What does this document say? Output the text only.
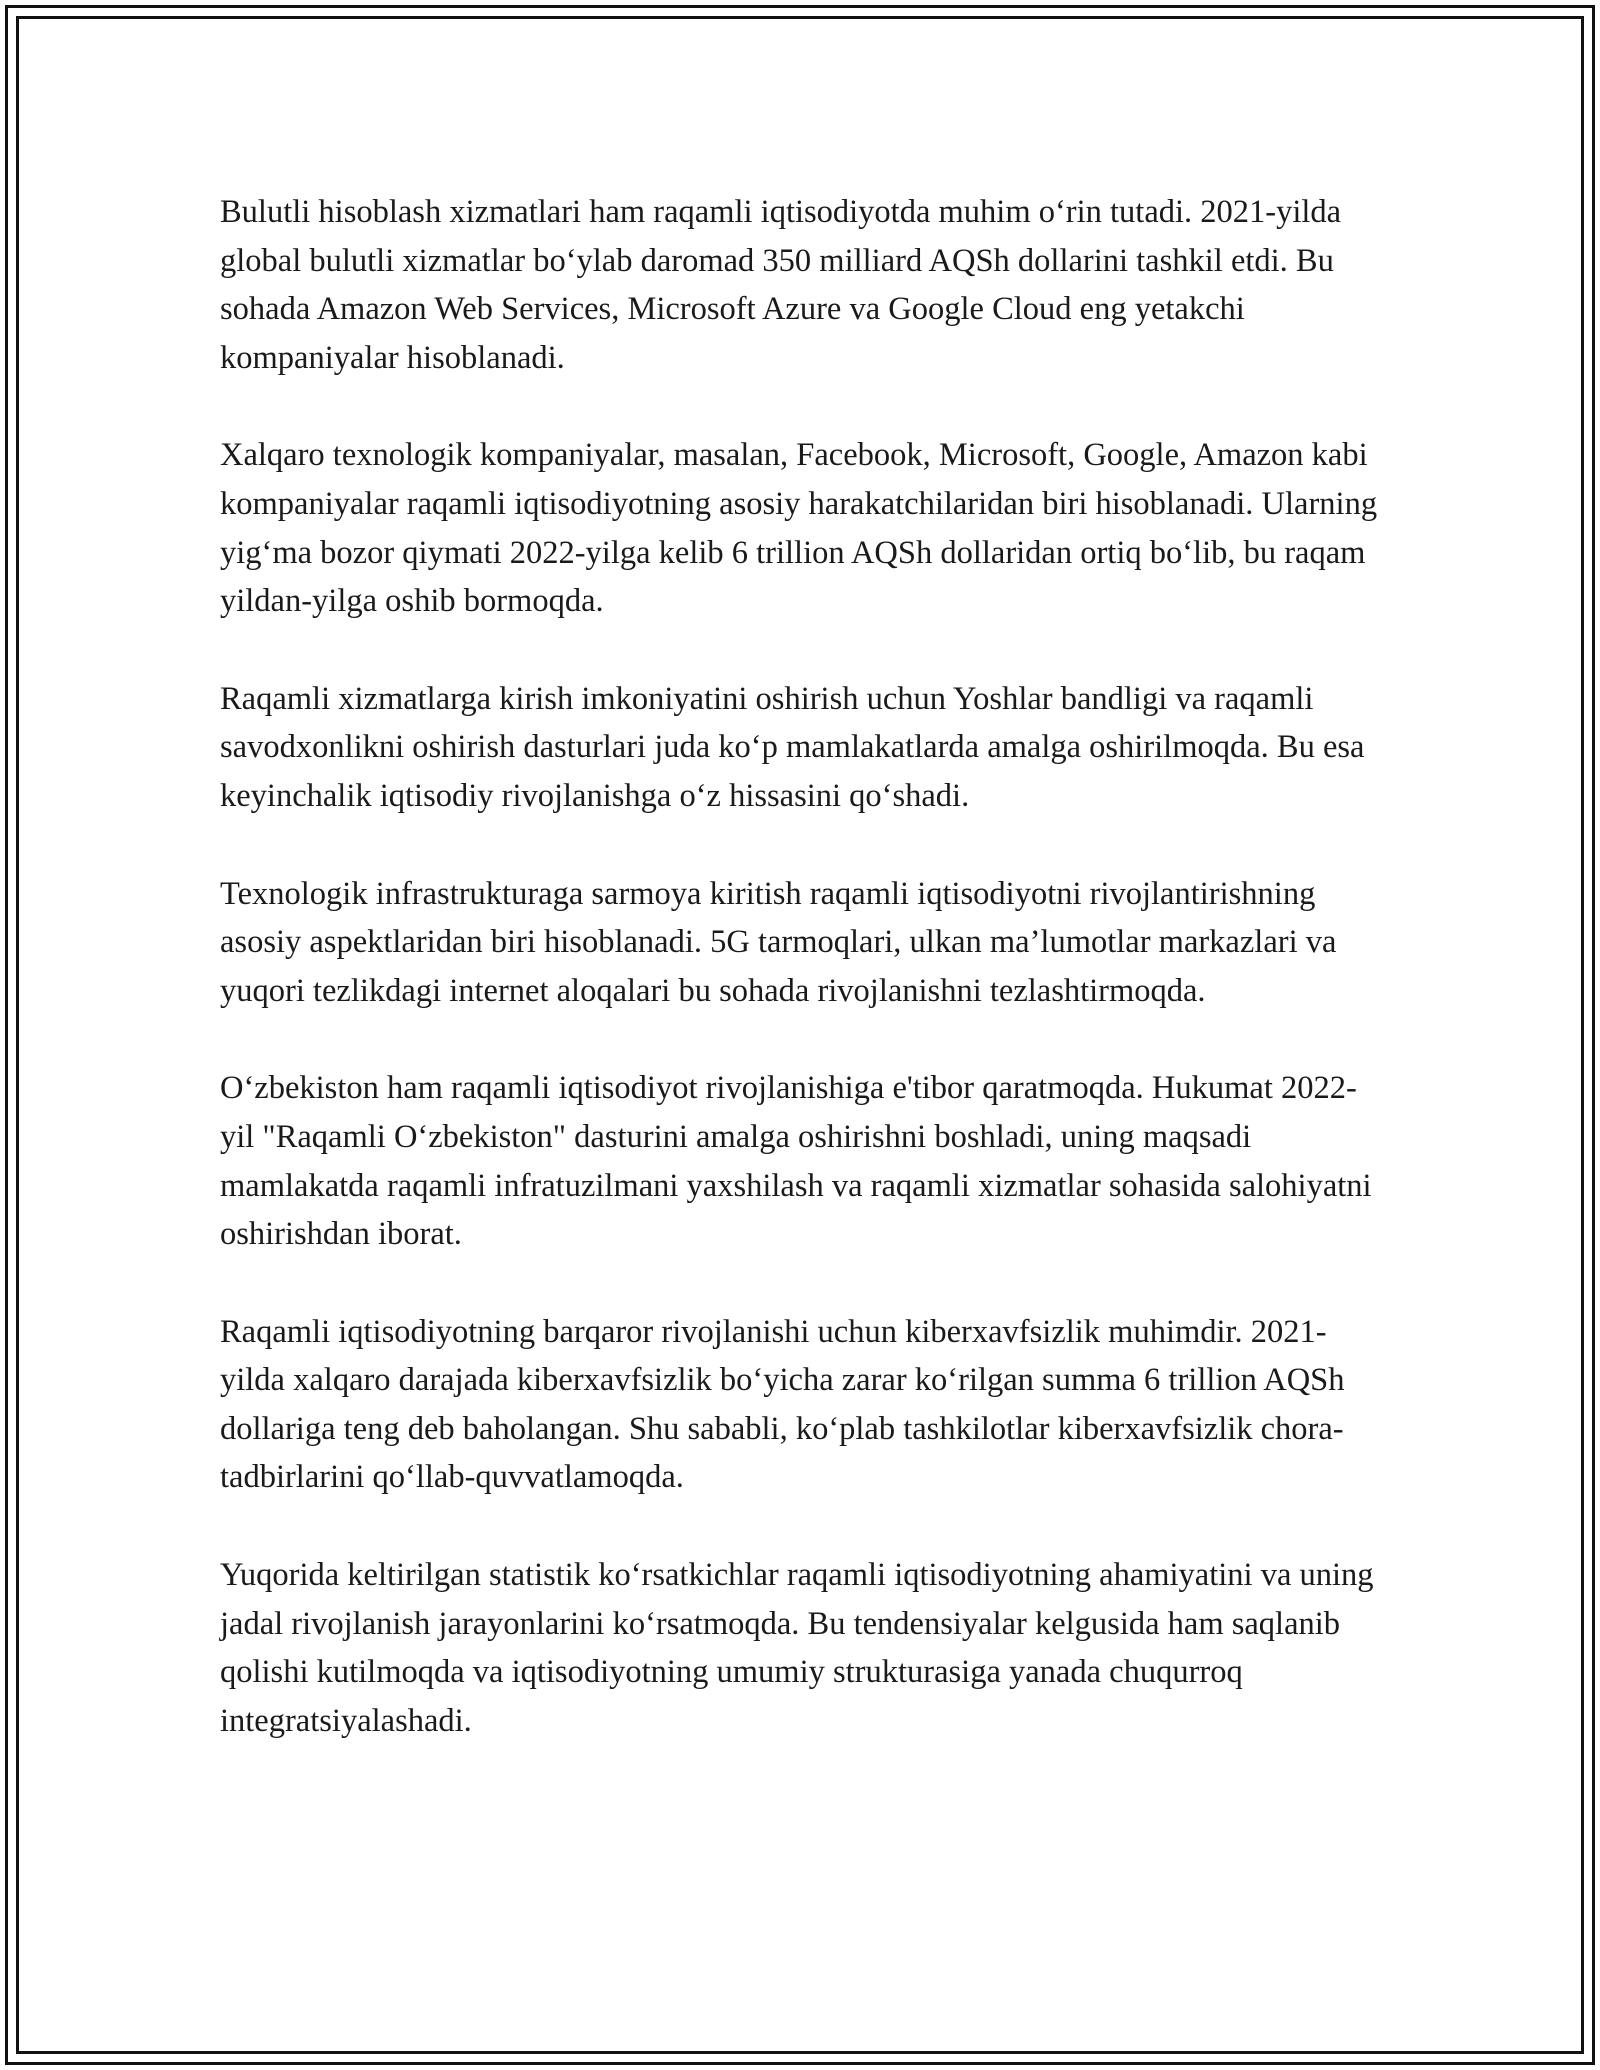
Bulutli hisoblash xizmatlari ham raqamli iqtisodiyotda muhim o‘rin tutadi. 2021-yilda global bulutli xizmatlar bo‘ylab daromad 350 milliard AQSh dollarini tashkil etdi. Bu sohada Amazon Web Services, Microsoft Azure va Google Cloud eng yetakchi kompaniyalar hisoblanadi.

Xalqaro texnologik kompaniyalar, masalan, Facebook, Microsoft, Google, Amazon kabi kompaniyalar raqamli iqtisodiyotning asosiy harakatchilaridan biri hisoblanadi. Ularning yig‘ma bozor qiymati 2022-yilga kelib 6 trillion AQSh dollaridan ortiq bo‘lib, bu raqam yildan-yilga oshib bormoqda.

Raqamli xizmatlarga kirish imkoniyatini oshirish uchun Yoshlar bandligi va raqamli savodxonlikni oshirish dasturlari juda ko‘p mamlakatlarda amalga oshirilmoqda. Bu esa keyinchalik iqtisodiy rivojlanishga o‘z hissasini qo‘shadi.

Texnologik infrastrukturaga sarmoya kiritish raqamli iqtisodiyotni rivojlantirishning asosiy aspektlaridan biri hisoblanadi. 5G tarmoqlari, ulkan ma’lumotlar markazlari va yuqori tezlikdagi internet aloqalari bu sohada rivojlanishni tezlashtirmoqda.

O‘zbekiston ham raqamli iqtisodiyot rivojlanishiga e'tibor qaratmoqda. Hukumat 2022-yil "Raqamli O‘zbekiston" dasturini amalga oshirishni boshladi, uning maqsadi mamlakatda raqamli infratuzilmani yaxshilash va raqamli xizmatlar sohasida salohiyatni oshirishdan iborat.

Raqamli iqtisodiyotning barqaror rivojlanishi uchun kiberxavfsizlik muhimdir. 2021-yilda xalqaro darajada kiberxavfsizlik bo‘yicha zarar ko‘rilgan summa 6 trillion AQSh dollariga teng deb baholangan. Shu sababli, ko‘plab tashkilotlar kiberxavfsizlik chora-tadbirlarini qo‘llab-quvvatlamoqda.

Yuqorida keltirilgan statistik ko‘rsatkichlar raqamli iqtisodiyotning ahamiyatini va uning jadal rivojlanish jarayonlarini ko‘rsatmoqda. Bu tendensiyalar kelgusida ham saqlanib qolishi kutilmoqda va iqtisodiyotning umumiy strukturasiga yanada chuqurroq integratsiyalashadi.
